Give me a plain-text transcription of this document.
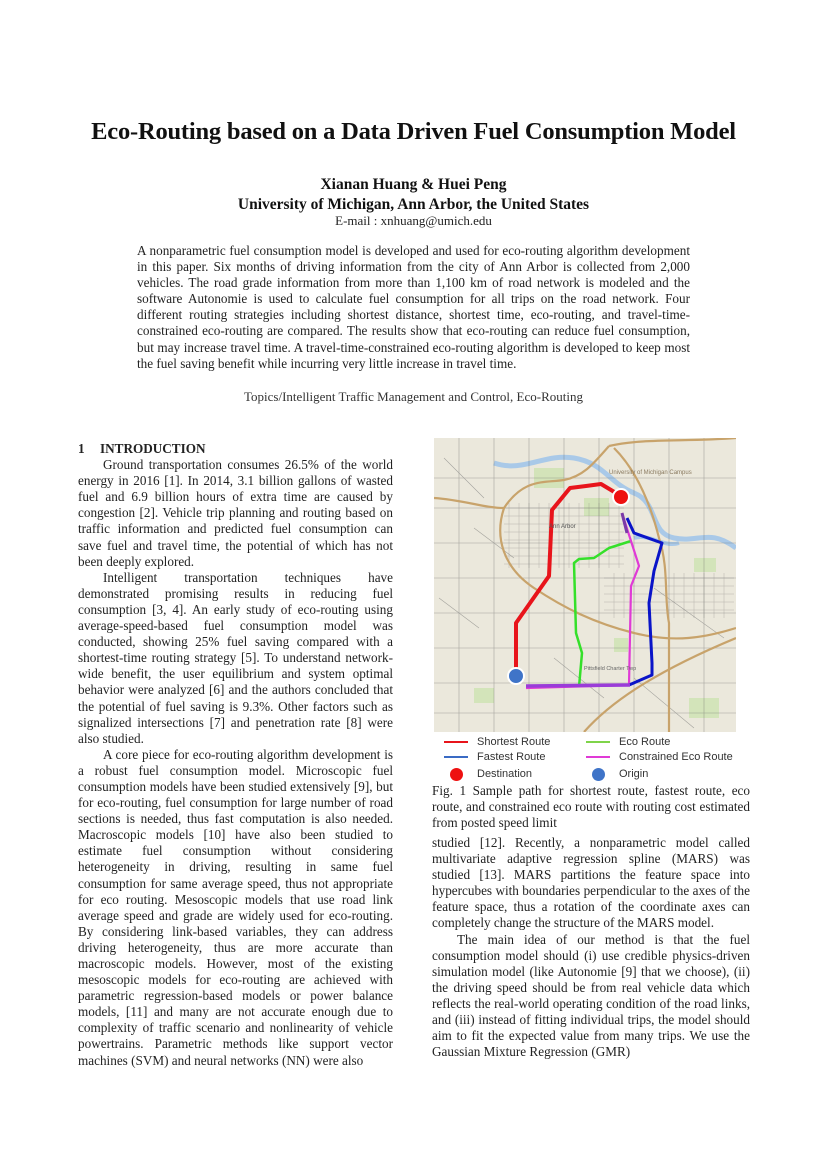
Eco-Routing based on a Data Driven Fuel Consumption Model
Xianan Huang & Huei Peng
University of Michigan, Ann Arbor, the United States
E-mail : xnhuang@umich.edu
A nonparametric fuel consumption model is developed and used for eco-routing algorithm development in this paper. Six months of driving information from the city of Ann Arbor is collected from 2,000 vehicles. The road grade information from more than 1,100 km of road network is modeled and the software Autonomie is used to calculate fuel consumption for all trips on the road network. Four different routing strategies including shortest distance, shortest time, eco-routing, and travel-time-constrained eco-routing are compared. The results show that eco-routing can reduce fuel consumption, but may increase travel time. A travel-time-constrained eco-routing algorithm is developed to keep most the fuel saving benefit while incurring very little increase in travel time.
Topics/Intelligent Traffic Management and Control, Eco-Routing
1 INTRODUCTION

Ground transportation consumes 26.5% of the world energy in 2016 [1]. In 2014, 3.1 billion gallons of wasted fuel and 6.9 billion hours of extra time are caused by congestion [2]. Vehicle trip planning and routing based on traffic information and predicted fuel consumption can save fuel and travel time, the potential of which has not been deeply explored.

Intelligent transportation techniques have demonstrated promising results in reducing fuel consumption [3, 4]. An early study of eco-routing using average-speed-based fuel consumption model was conducted, showing 25% fuel saving compared with a shortest-time routing strategy [5]. To understand network-wide benefit, the user equilibrium and system optimal behavior were analyzed [6] and the authors concluded that the potential of fuel saving is 9.3%. Other factors such as signalized intersections [7] and penetration rate [8] were also studied.

A core piece for eco-routing algorithm development is a robust fuel consumption model. Microscopic fuel consumption models have been studied extensively [9], but for eco-routing, fuel consumption for large number of road sections is needed, thus fast computation is also needed. Macroscopic models [10] have also been studied to estimate fuel consumption without considering heterogeneity in driving, resulting in same fuel consumption for same average speed, thus not appropriate for eco routing. Mesoscopic models that use road link average speed and grade are widely used for eco-routing. By considering link-based variables, they can address driving heterogeneity, thus are more accurate than macroscopic models. However, most of the existing mesoscopic models for eco-routing are achieved with parametric regression-based models or power balance models, [11] and many are not accurate enough due to complexity of traffic scenario and nonlinearity of vehicle powertrains. Parametric methods like support vector machines (SVM) and neural networks (NN) were also

University of Michigan Campus
Ann Arbor
Pittsfield Charter Twp
Shortest Route	Eco Route
Fastest Route	Constrained Eco Route
Destination	Origin
Fig. 1 Sample path for shortest route, fastest route, eco route, and constrained eco route with routing cost estimated from posted speed limit

studied [12]. Recently, a nonparametric model called multivariate adaptive regression spline (MARS) was studied [13]. MARS partitions the feature space into hypercubes with boundaries perpendicular to the axes of the feature space, thus a rotation of the coordinate axes can completely change the structure of the MARS model.

The main idea of our method is that the fuel consumption model should (i) use credible physics-driven simulation model (like Autonomie [9] that we choose), (ii) the driving speed should be from real vehicle data which reflects the real-world operating condition of the road links, and (iii) instead of fitting individual trips, the model should aim to fit the expected value from many trips. We use the Gaussian Mixture Regression (GMR)
